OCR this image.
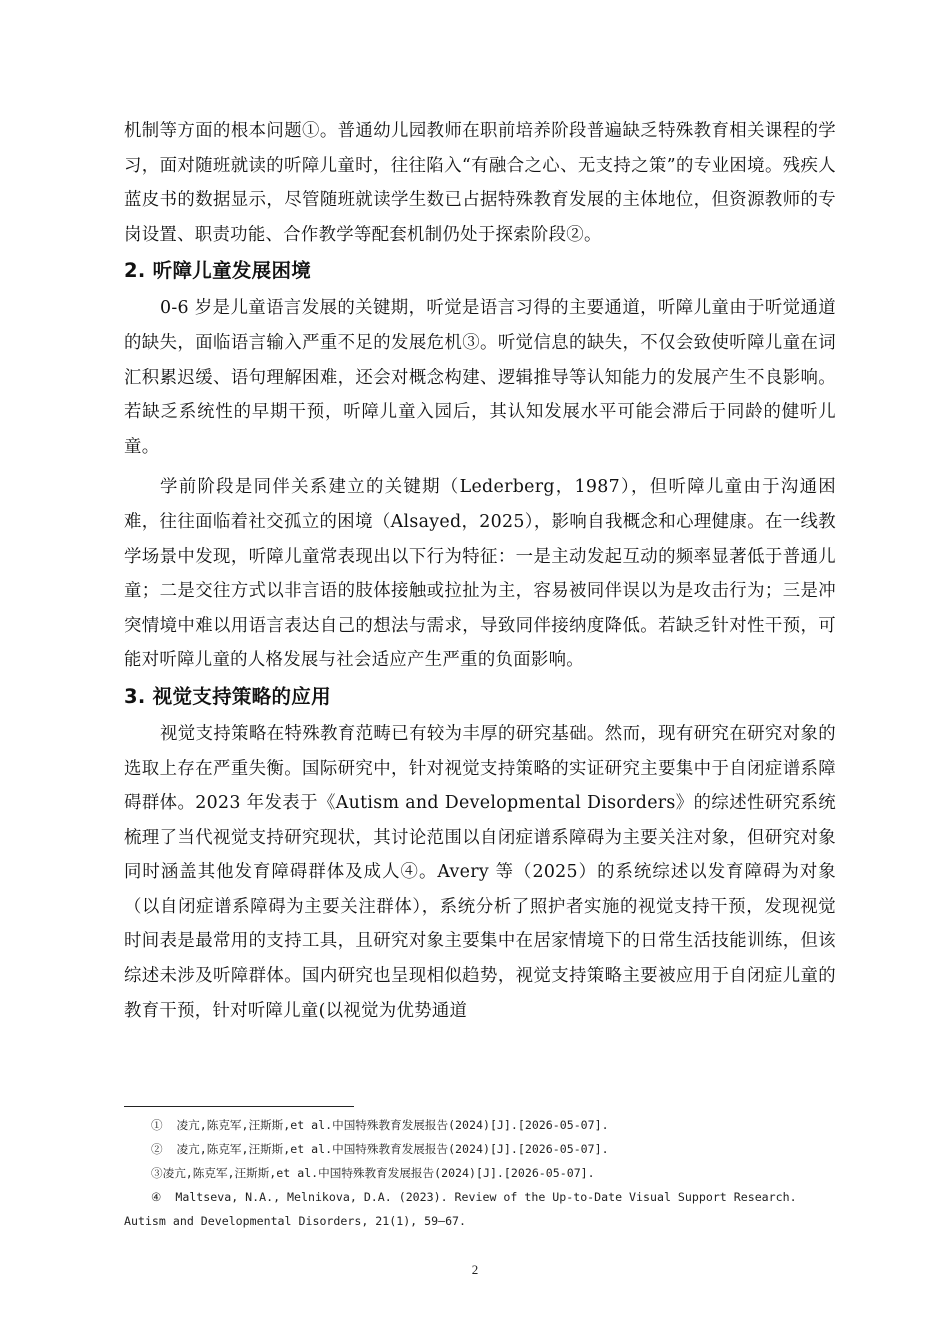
机制等方面的根本问题①。普通幼儿园教师在职前培养阶段普遍缺乏特殊教育相关课程的学习，面对随班就读的听障儿童时，往往陷入“有融合之心、无支持之策”的专业困境。残疾人蓝皮书的数据显示，尽管随班就读学生数已占据特殊教育发展的主体地位，但资源教师的专岗设置、职责功能、合作教学等配套机制仍处于探索阶段②。

2. 听障儿童发展困境

0-6 岁是儿童语言发展的关键期，听觉是语言习得的主要通道，听障儿童由于听觉通道的缺失，面临语言输入严重不足的发展危机③。听觉信息的缺失，不仅会致使听障儿童在词汇积累迟缓、语句理解困难，还会对概念构建、逻辑推导等认知能力的发展产生不良影响。若缺乏系统性的早期干预，听障儿童入园后，其认知发展水平可能会滞后于同龄的健听儿童。

学前阶段是同伴关系建立的关键期（Lederberg，1987），但听障儿童由于沟通困难，往往面临着社交孤立的困境（Alsayed，2025），影响自我概念和心理健康。在一线教学场景中发现，听障儿童常表现出以下行为特征：一是主动发起互动的频率显著低于普通儿童；二是交往方式以非言语的肢体接触或拉扯为主，容易被同伴误以为是攻击行为；三是冲突情境中难以用语言表达自己的想法与需求，导致同伴接纳度降低。若缺乏针对性干预，可能对听障儿童的人格发展与社会适应产生严重的负面影响。

3. 视觉支持策略的应用

视觉支持策略在特殊教育范畴已有较为丰厚的研究基础。然而，现有研究在研究对象的选取上存在严重失衡。国际研究中，针对视觉支持策略的实证研究主要集中于自闭症谱系障碍群体。2023 年发表于《Autism and Developmental Disorders》的综述性研究系统梳理了当代视觉支持研究现状，其讨论范围以自闭症谱系障碍为主要关注对象，但研究对象同时涵盖其他发育障碍群体及成人④。Avery 等（2025）的系统综述以发育障碍为对象（以自闭症谱系障碍为主要关注群体），系统分析了照护者实施的视觉支持干预，发现视觉时间表是最常用的支持工具，且研究对象主要集中在居家情境下的日常生活技能训练，但该综述未涉及听障群体。国内研究也呈现相似趋势，视觉支持策略主要被应用于自闭症儿童的教育干预，针对听障儿童(以视觉为优势通道

①  凌亢,陈克军,汪斯斯,et al.中国特殊教育发展报告(2024)[J].[2026-05-07].

②  凌亢,陈克军,汪斯斯,et al.中国特殊教育发展报告(2024)[J].[2026-05-07].

③凌亢,陈克军,汪斯斯,et al.中国特殊教育发展报告(2024)[J].[2026-05-07].

④  Maltseva, N.A., Melnikova, D.A. (2023). Review of the Up-to-Date Visual Support Research.

Autism and Developmental Disorders, 21(1), 59–67.

2
